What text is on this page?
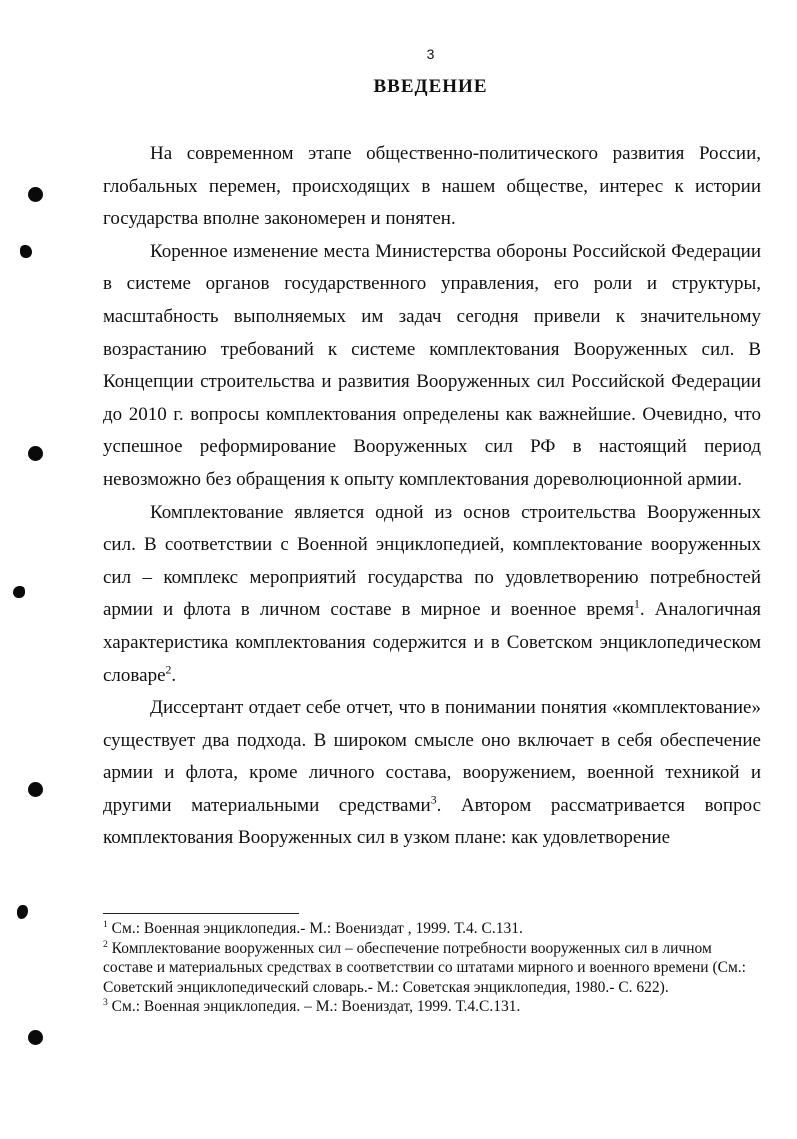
3
ВВЕДЕНИЕ

На современном этапе общественно-политического развития России, глобальных перемен, происходящих в нашем обществе, интерес к истории государства вполне закономерен и понятен.

Коренное изменение места Министерства обороны Российской Федерации в системе органов государственного управления, его роли и структуры, масштабность выполняемых им задач сегодня привели к значительному возрастанию требований к системе комплектования Вооруженных сил. В Концепции строительства и развития Вооруженных сил Российской Федерации до 2010 г. вопросы комплектования определены как важнейшие. Очевидно, что успешное реформирование Вооруженных сил РФ в настоящий период невозможно без обращения к опыту комплектования дореволюционной армии.

Комплектование является одной из основ строительства Вооруженных сил. В соответствии с Военной энциклопедией, комплектование вооруженных сил – комплекс мероприятий государства по удовлетворению потребностей армии и флота в личном составе в мирное и военное время$^1$. Аналогичная характеристика комплектования содержится и в Советском энциклопедическом словаре$^2$.

Диссертант отдает себе отчет, что в понимании понятия «комплектование» существует два подхода. В широком смысле оно включает в себя обеспечение армии и флота, кроме личного состава, вооружением, военной техникой и другими материальными средствами$^3$. Автором рассматривается вопрос комплектования Вооруженных сил в узком плане: как удовлетворение

$^1$ См.: Военная энциклопедия.- М.: Воениздат , 1999. Т.4. С.131.
$^2$ Комплектование вооруженных сил – обеспечение потребности вооруженных сил в личном составе и материальных средствах в соответствии со штатами мирного и военного времени (См.: Советский энциклопедический словарь.- М.: Советская энциклопедия, 1980.- С. 622).
$^3$ См.: Военная энциклопедия. – М.: Воениздат, 1999. Т.4.С.131.
